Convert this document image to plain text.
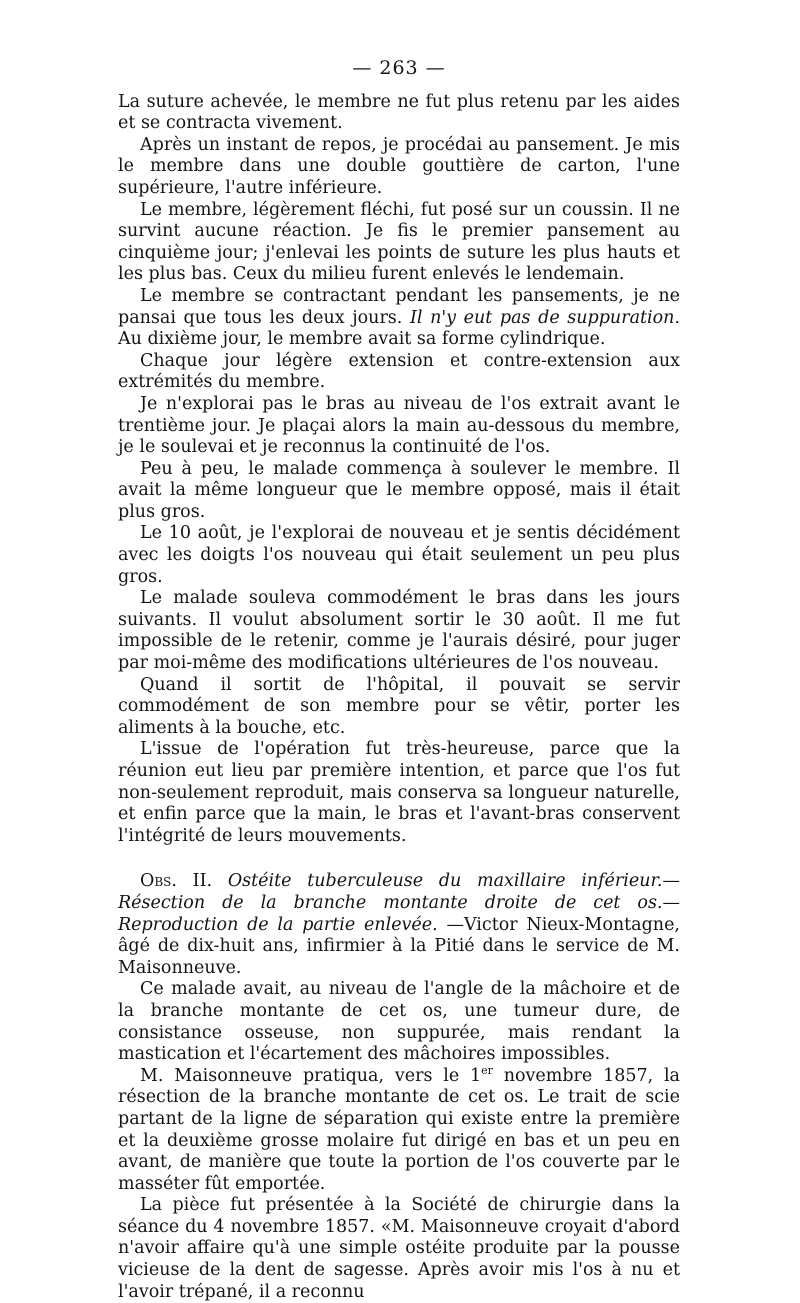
— 263 —

La suture achevée, le membre ne fut plus retenu par les aides et se contracta vivement.

Après un instant de repos, je procédai au pansement. Je mis le membre dans une double gouttière de carton, l'une supérieure, l'autre inférieure.

Le membre, légèrement fléchi, fut posé sur un coussin. Il ne survint aucune réaction. Je fis le premier pansement au cinquième jour; j'enlevai les points de suture les plus hauts et les plus bas. Ceux du milieu furent enlevés le lendemain.

Le membre se contractant pendant les pansements, je ne pansai que tous les deux jours. Il n'y eut pas de suppuration. Au dixième jour, le membre avait sa forme cylindrique.

Chaque jour légère extension et contre-extension aux extrémités du membre.

Je n'explorai pas le bras au niveau de l'os extrait avant le trentième jour. Je plaçai alors la main au-dessous du membre, je le soulevai et je reconnus la continuité de l'os.

Peu à peu, le malade commença à soulever le membre. Il avait la même longueur que le membre opposé, mais il était plus gros.

Le 10 août, je l'explorai de nouveau et je sentis décidément avec les doigts l'os nouveau qui était seulement un peu plus gros.

Le malade souleva commodément le bras dans les jours suivants. Il voulut absolument sortir le 30 août. Il me fut impossible de le retenir, comme je l'aurais désiré, pour juger par moi-même des modifications ultérieures de l'os nouveau.

Quand il sortit de l'hôpital, il pouvait se servir commodément de son membre pour se vêtir, porter les aliments à la bouche, etc.

L'issue de l'opération fut très-heureuse, parce que la réunion eut lieu par première intention, et parce que l'os fut non-seulement reproduit, mais conserva sa longueur naturelle, et enfin parce que la main, le bras et l'avant-bras conservent l'intégrité de leurs mouvements.

Obs. II. Ostéite tuberculeuse du maxillaire inférieur.— Résection de la branche montante droite de cet os.— Reproduction de la partie enlevée. —Victor Nieux-Montagne, âgé de dix-huit ans, infirmier à la Pitié dans le service de M. Maisonneuve.

Ce malade avait, au niveau de l'angle de la mâchoire et de la branche montante de cet os, une tumeur dure, de consistance osseuse, non suppurée, mais rendant la mastication et l'écartement des mâchoires impossibles.

M. Maisonneuve pratiqua, vers le 1er novembre 1857, la résection de la branche montante de cet os. Le trait de scie partant de la ligne de séparation qui existe entre la première et la deuxième grosse molaire fut dirigé en bas et un peu en avant, de manière que toute la portion de l'os couverte par le masséter fût emportée.

La pièce fut présentée à la Société de chirurgie dans la séance du 4 novembre 1857. «M. Maisonneuve croyait d'abord n'avoir affaire qu'à une simple ostéite produite par la pousse vicieuse de la dent de sagesse. Après avoir mis l'os à nu et l'avoir trépané, il a reconnu
